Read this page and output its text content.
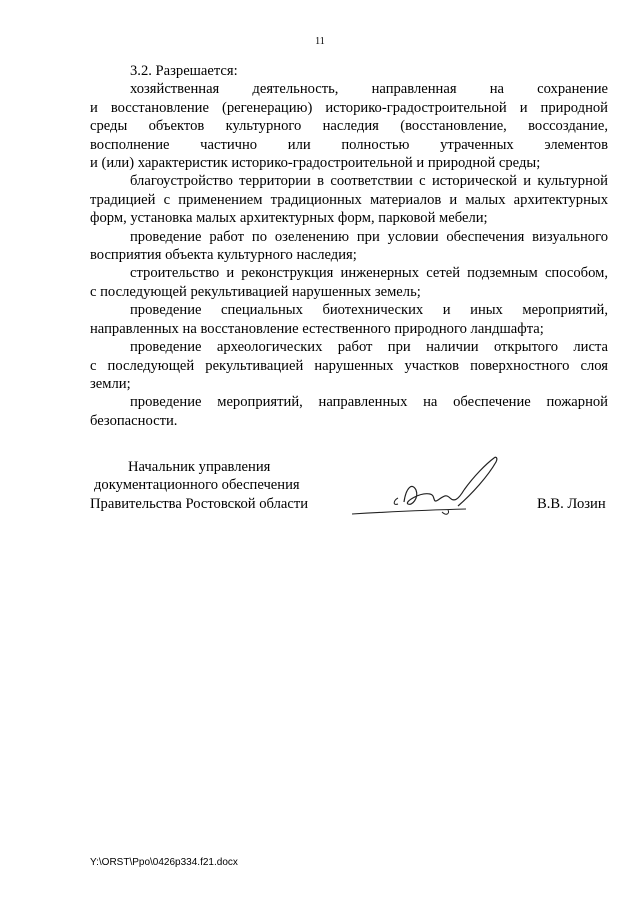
11
3.2. Разрешается:
хозяйственная деятельность, направленная на сохранение
и восстановление (регенерацию) историко-градостроительной и природной
среды объектов культурного наследия (восстановление, воссоздание,
восполнение частично или полностью утраченных элементов
и (или) характеристик историко-градостроительной и природной среды;
благоустройство территории в соответствии с исторической и культурной
традицией с применением традиционных материалов и малых архитектурных
форм, установка малых архитектурных форм, парковой мебели;
проведение работ по озеленению при условии обеспечения визуального
восприятия объекта культурного наследия;
строительство и реконструкция инженерных сетей подземным способом,
с последующей рекультивацией нарушенных земель;
проведение специальных биотехнических и иных мероприятий,
направленных на восстановление естественного природного ландшафта;
проведение археологических работ при наличии открытого листа
с последующей рекультивацией нарушенных участков поверхностного слоя
земли;
проведение мероприятий, направленных на обеспечение пожарной
безопасности.
Начальник управления
документационного обеспечения
Правительства Ростовской области	В.В. Лозин
Y:\ORST\Ppo\0426p334.f21.docx
